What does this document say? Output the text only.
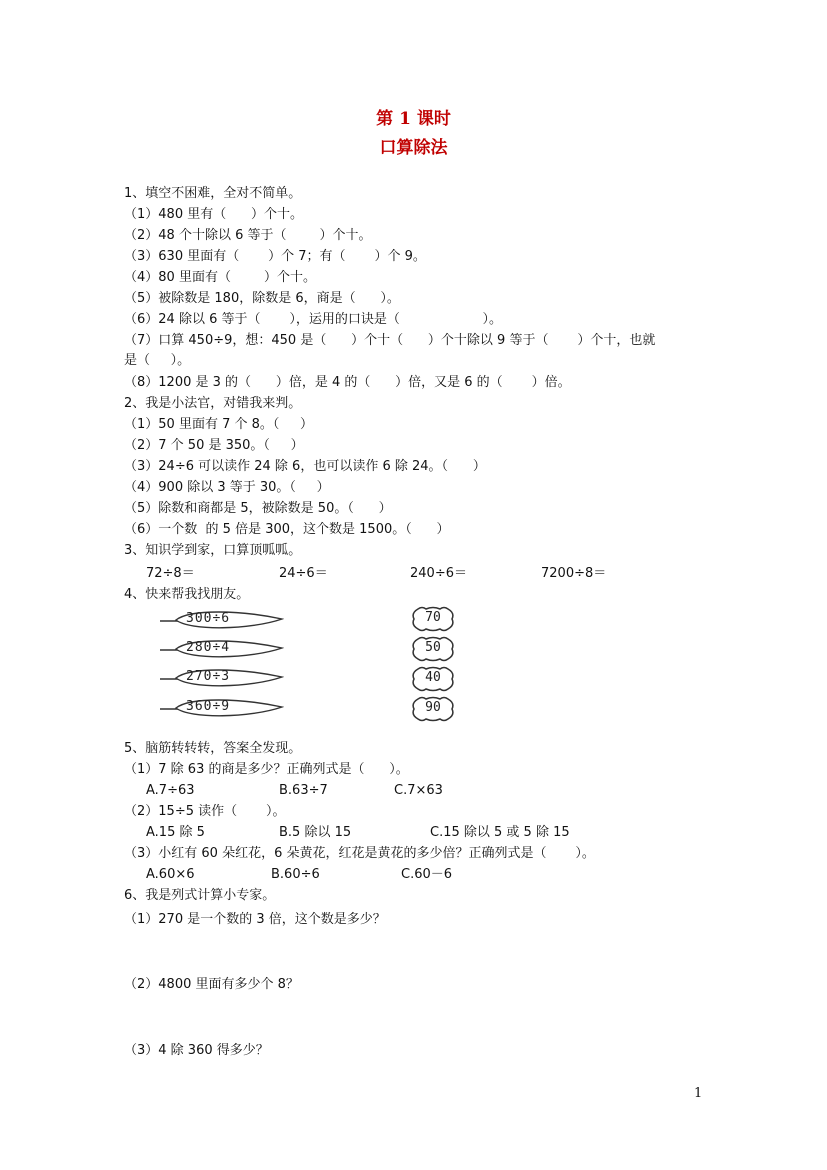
第 1 课时
口算除法
1、填空不困难，全对不简单。
（1）480 里有（      ）个十。
（2）48 个十除以 6 等于（        ）个十。
（3）630 里面有（       ）个 7；有（       ）个 9。
（4）80 里面有（        ）个十。
（5）被除数是 180，除数是 6，商是（      ）。
（6）24 除以 6 等于（       ），运用的口诀是（                    ）。
（7）口算 450÷9，想：450 是（      ）个十（      ）个十除以 9 等于（       ）个十，也就
是（     ）。
（8）1200 是 3 的（      ）倍，是 4 的（      ）倍，又是 6 的（       ）倍。
2、我是小法官，对错我来判。
（1）50 里面有 7 个 8。（     ）
（2）7 个 50 是 350。（     ）
（3）24÷6 可以读作 24 除 6，也可以读作 6 除 24。（      ）
（4）900 除以 3 等于 30。（     ）
（5）除数和商都是 5，被除数是 50。（      ）
（6）一个数  的 5 倍是 300，这个数是 1500。（      ）
3、知识学到家，口算顶呱呱。
72÷8＝	24÷6＝	240÷6＝	7200÷8＝
4、快来帮我找朋友。
300÷6
280÷4
270÷3
360÷9
70
50
40
90
5、脑筋转转转，答案全发现。
（1）7 除 63 的商是多少？正确列式是（      ）。
A.7÷63	B.63÷7	C.7×63
（2）15÷5 读作（       ）。
A.15 除 5	B.5 除以 15	C.15 除以 5 或 5 除 15
（3）小红有 60 朵红花，6 朵黄花，红花是黄花的多少倍？正确列式是（       ）。
A.60×6	B.60÷6	C.60－6
6、我是列式计算小专家。
（1）270 是一个数的 3 倍，这个数是多少？
（2）4800 里面有多少个 8？
（3）4 除 360 得多少？
1
